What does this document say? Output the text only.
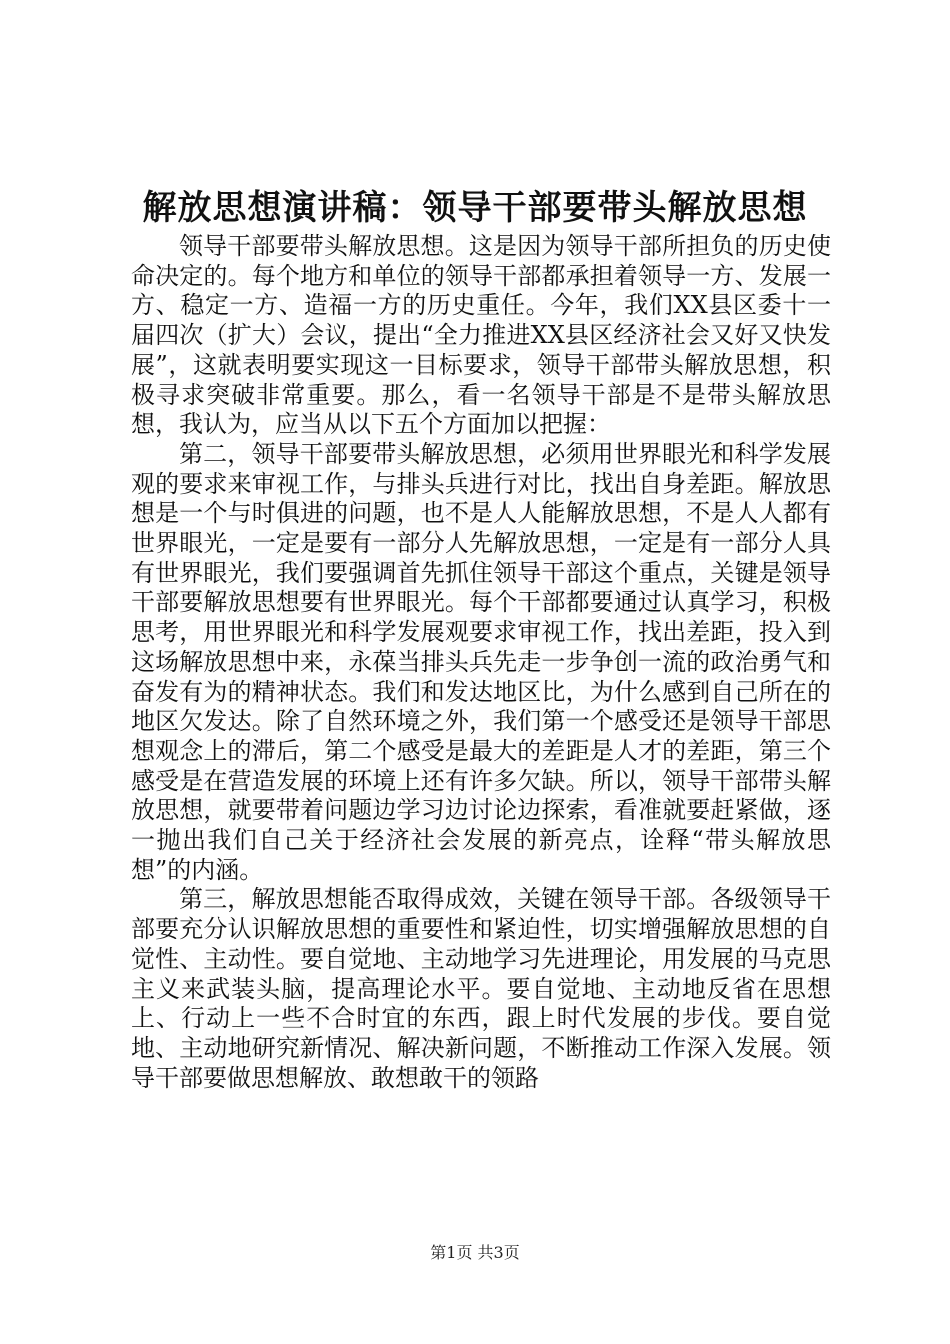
解放思想演讲稿：领导干部要带头解放思想

领导干部要带头解放思想。这是因为领导干部所担负的历史使命决定的。每个地方和单位的领导干部都承担着领导一方、发展一方、稳定一方、造福一方的历史重任。今年，我们XX县区委十一届四次（扩大）会议，提出“全力推进XX县区经济社会又好又快发展”，这就表明要实现这一目标要求，领导干部带头解放思想，积极寻求突破非常重要。那么，看一名领导干部是不是带头解放思想，我认为，应当从以下五个方面加以把握：

第二，领导干部要带头解放思想，必须用世界眼光和科学发展观的要求来审视工作，与排头兵进行对比，找出自身差距。解放思想是一个与时俱进的问题，也不是人人能解放思想，不是人人都有世界眼光，一定是要有一部分人先解放思想，一定是有一部分人具有世界眼光，我们要强调首先抓住领导干部这个重点，关键是领导干部要解放思想要有世界眼光。每个干部都要通过认真学习，积极思考，用世界眼光和科学发展观要求审视工作，找出差距，投入到这场解放思想中来，永葆当排头兵先走一步争创一流的政治勇气和奋发有为的精神状态。我们和发达地区比，为什么感到自己所在的地区欠发达。除了自然环境之外，我们第一个感受还是领导干部思想观念上的滞后，第二个感受是最大的差距是人才的差距，第三个感受是在营造发展的环境上还有许多欠缺。所以，领导干部带头解放思想，就要带着问题边学习边讨论边探索，看准就要赶紧做，逐一抛出我们自己关于经济社会发展的新亮点，诠释“带头解放思想”的内涵。

第三，解放思想能否取得成效，关键在领导干部。各级领导干部要充分认识解放思想的重要性和紧迫性，切实增强解放思想的自觉性、主动性。要自觉地、主动地学习先进理论，用发展的马克思主义来武装头脑，提高理论水平。要自觉地、主动地反省在思想上、行动上一些不合时宜的东西，跟上时代发展的步伐。要自觉地、主动地研究新情况、解决新问题，不断推动工作深入发展。领导干部要做思想解放、敢想敢干的领路

第1页 共3页
